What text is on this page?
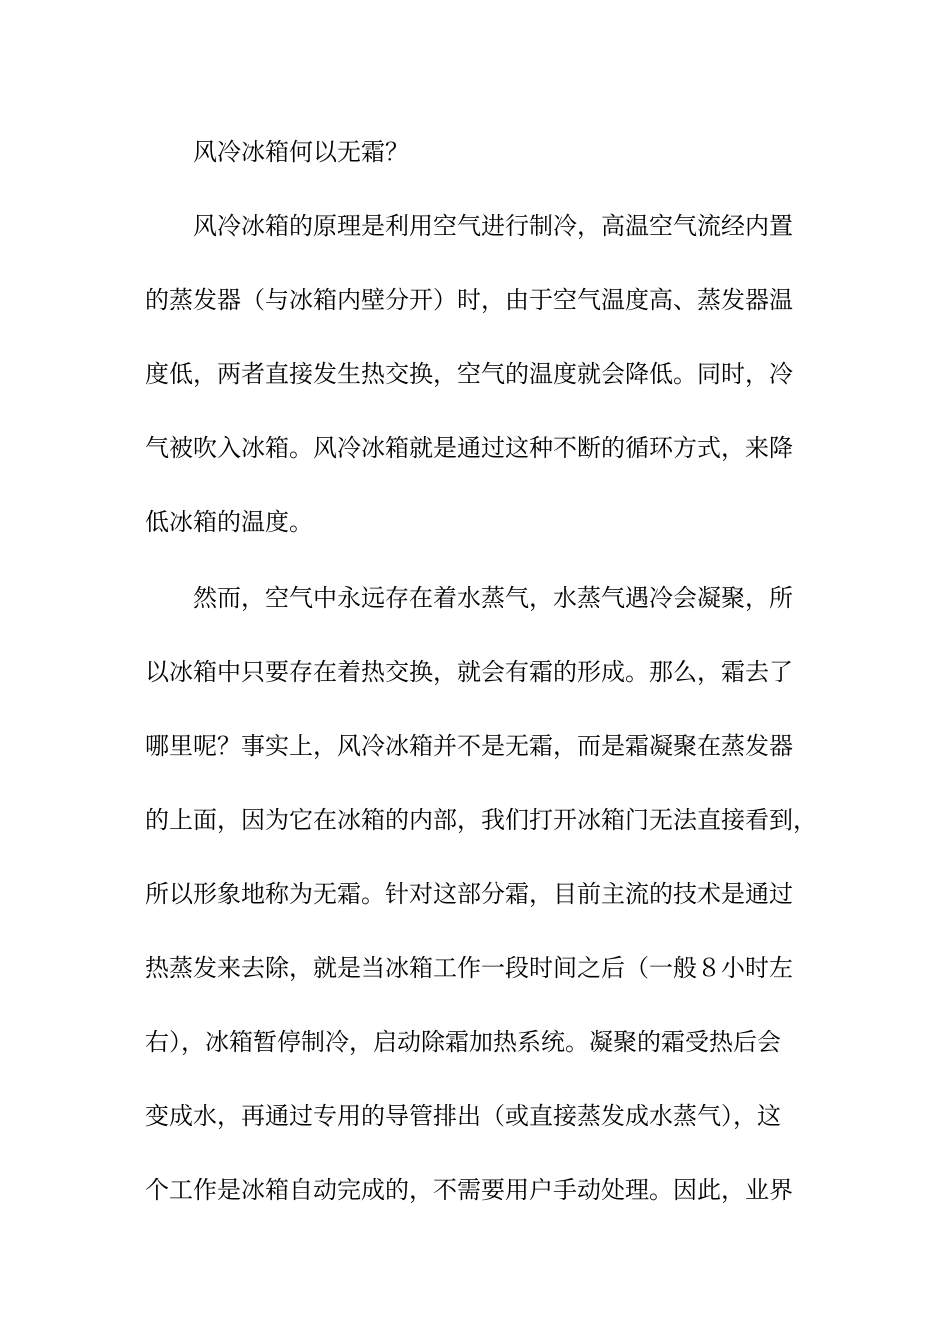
风冷冰箱何以无霜？
风冷冰箱的原理是利用空气进行制冷，高温空气流经内置
的蒸发器（与冰箱内壁分开）时，由于空气温度高、蒸发器温
度低，两者直接发生热交换，空气的温度就会降低。同时，冷
气被吹入冰箱。风冷冰箱就是通过这种不断的循环方式，来降
低冰箱的温度。
然而，空气中永远存在着水蒸气，水蒸气遇冷会凝聚，所
以冰箱中只要存在着热交换，就会有霜的形成。那么，霜去了
哪里呢？事实上，风冷冰箱并不是无霜，而是霜凝聚在蒸发器
的上面，因为它在冰箱的内部，我们打开冰箱门无法直接看到，
所以形象地称为无霜。针对这部分霜，目前主流的技术是通过
热蒸发来去除，就是当冰箱工作一段时间之后（一般８小时左
右），冰箱暂停制冷，启动除霜加热系统。凝聚的霜受热后会
变成水，再通过专用的导管排出（或直接蒸发成水蒸气），这
个工作是冰箱自动完成的，不需要用户手动处理。因此，业界
